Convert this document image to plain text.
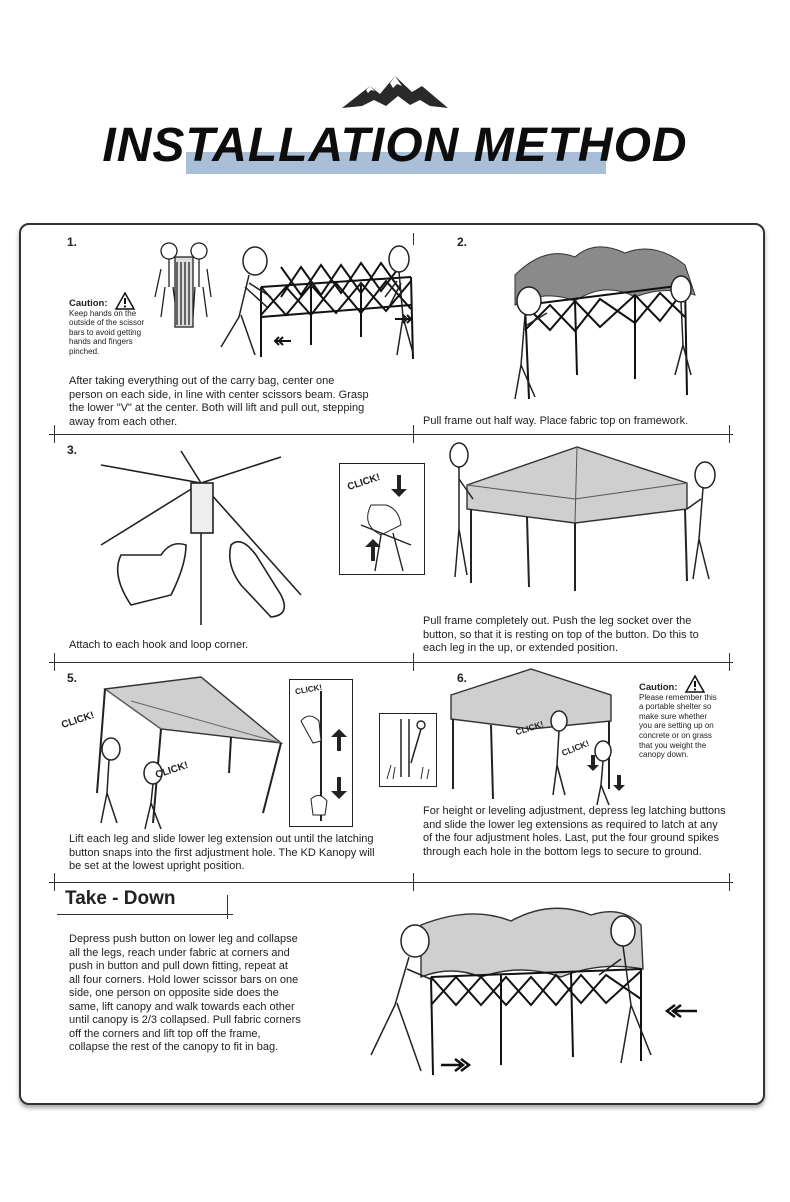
INSTALLATION METHOD
1.
Caution:
Keep hands on the outside of the scissor bars to avoid getting hands and fingers pinched.
After taking everything out of the carry bag, center one person on each side, in line with center scissors beam. Grasp the lower "V" at the center. Both will lift and pull out, stepping away from each other.
2.
Pull frame out half way. Place fabric top on framework.
3.
CLICK!
Attach to each hook and loop corner.
Pull frame completely out. Push the leg socket over the button, so that it is resting on top of the button. Do this to each leg in the up, or extended position.
5.
CLICK!
CLICK!
CLICK!
Lift each leg and slide lower leg extension out until the latching button snaps into the first adjustment hole. The KD Kanopy will be set at the lowest upright position.
6.
CLICK!
CLICK!
Caution:
Please remember this a portable shelter so make sure whether you are setting up on concrete or on grass that you weight the canopy down.
For height or leveling adjustment, depress leg latching buttons and slide the lower leg extensions as required to latch at any of the four adjustment holes. Last, put the four ground spikes through each hole in the bottom legs to secure to ground.
Take - Down
Depress push button on lower leg and collapse all the legs, reach under fabric at corners and push in button and pull down fitting, repeat at all four corners. Hold lower scissor bars on one side, one person on opposite side does the same, lift canopy and walk towards each other until canopy is 2/3 collapsed. Pull fabric corners off the corners and lift top off the frame, collapse the rest of the canopy to fit in bag.
